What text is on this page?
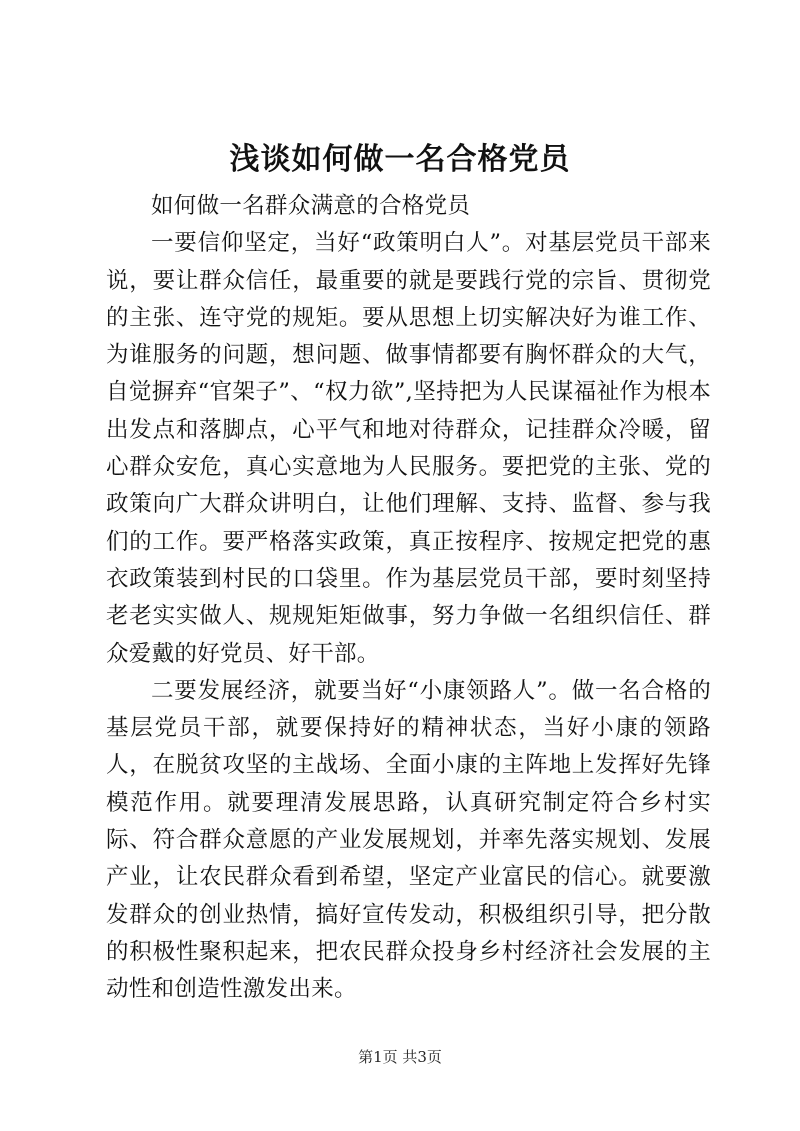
浅谈如何做一名合格党员

如何做一名群众满意的合格党员

一要信仰坚定，当好“政策明白人”。对基层党员干部来说，要让群众信任，最重要的就是要践行党的宗旨、贯彻党的主张、连守党的规矩。要从思想上切实解决好为谁工作、为谁服务的问题，想问题、做事情都要有胸怀群众的大气，自觉摒弃“官架子”、“权力欲”,坚持把为人民谋福祉作为根本出发点和落脚点，心平气和地对待群众，记挂群众冷暖，留心群众安危，真心实意地为人民服务。要把党的主张、党的政策向广大群众讲明白，让他们理解、支持、监督、参与我们的工作。要严格落实政策，真正按程序、按规定把党的惠衣政策装到村民的口袋里。作为基层党员干部，要时刻坚持老老实实做人、规规矩矩做事，努力争做一名组织信任、群众爱戴的好党员、好干部。

二要发展经济，就要当好“小康领路人”。做一名合格的基层党员干部，就要保持好的精神状态，当好小康的领路人，在脱贫攻坚的主战场、全面小康的主阵地上发挥好先锋模范作用。就要理清发展思路，认真研究制定符合乡村实际、符合群众意愿的产业发展规划，并率先落实规划、发展产业，让农民群众看到希望，坚定产业富民的信心。就要激发群众的创业热情，搞好宣传发动，积极组织引导，把分散的积极性聚积起来，把农民群众投身乡村经济社会发展的主动性和创造性激发出来。

第1页 共3页
